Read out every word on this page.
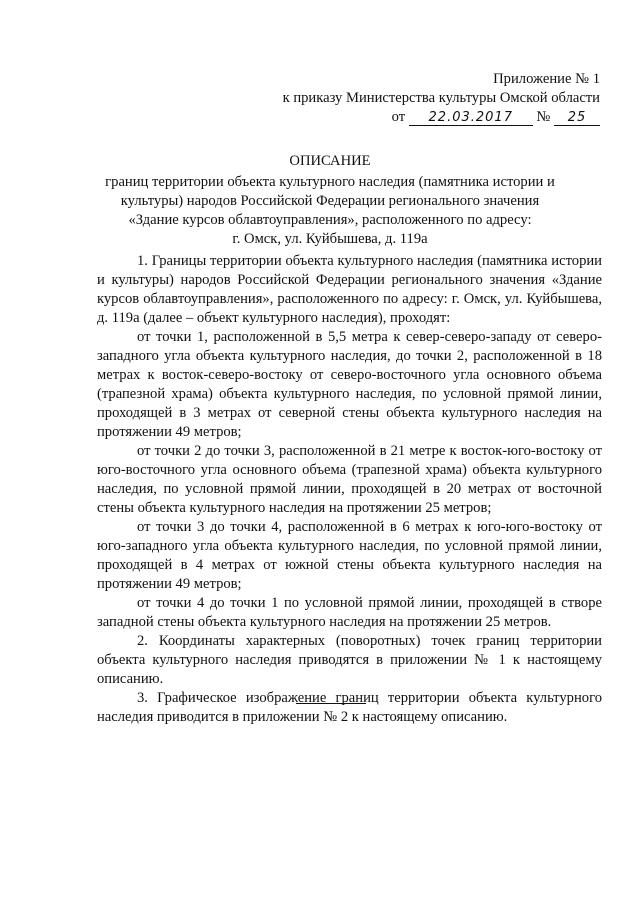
Приложение № 1
к приказу Министерства культуры Омской области
от 22.03.2017 № 25
ОПИСАНИЕ
границ территории объекта культурного наследия (памятника истории и
культуры) народов Российской Федерации регионального значения
«Здание курсов облавтоуправления», расположенного по адресу:
г. Омск, ул. Куйбышева, д. 119а

1. Границы территории объекта культурного наследия (памятника истории и культуры) народов Российской Федерации регионального значения «Здание курсов облавтоуправления», расположенного по адресу: г. Омск, ул. Куйбышева, д. 119а (далее – объект культурного наследия), проходят:

от точки 1, расположенной в 5,5 метра к север-северо-западу от северо-западного угла объекта культурного наследия, до точки 2, расположенной в 18 метрах к восток-северо-востоку от северо-восточного угла основного объема (трапезной храма) объекта культурного наследия, по условной прямой линии, проходящей в 3 метрах от северной стены объекта культурного наследия на протяжении 49 метров;

от точки 2 до точки 3, расположенной в 21 метре к восток-юго-востоку от юго-восточного угла основного объема (трапезной храма) объекта культурного наследия, по условной прямой линии, проходящей в 20 метрах от восточной стены объекта культурного наследия на протяжении 25 метров;

от точки 3 до точки 4, расположенной в 6 метрах к юго-юго-востоку от юго-западного угла объекта культурного наследия, по условной прямой линии, проходящей в 4 метрах от южной стены объекта культурного наследия на протяжении 49 метров;

от точки 4 до точки 1 по условной прямой линии, проходящей в створе западной стены объекта культурного наследия на протяжении 25 метров.

2. Координаты характерных (поворотных) точек границ территории объекта культурного наследия приводятся в приложении № 1 к настоящему описанию.

3. Графическое изображение границ территории объекта культурного наследия приводится в приложении № 2 к настоящему описанию.
